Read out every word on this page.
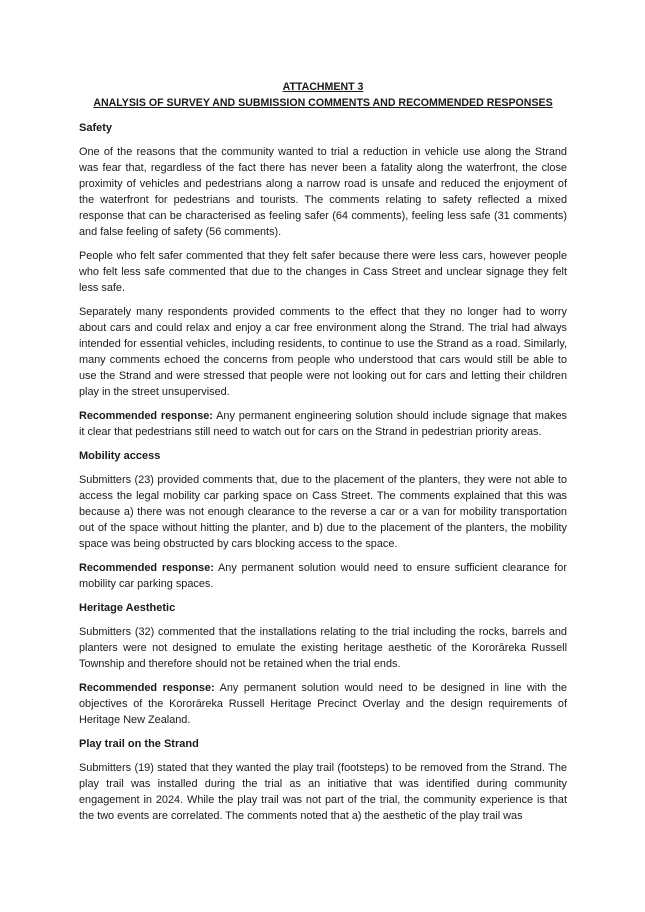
ATTACHMENT 3
ANALYSIS OF SURVEY AND SUBMISSION COMMENTS AND RECOMMENDED RESPONSES
Safety

One of the reasons that the community wanted to trial a reduction in vehicle use along the Strand was fear that, regardless of the fact there has never been a fatality along the waterfront, the close proximity of vehicles and pedestrians along a narrow road is unsafe and reduced the enjoyment of the waterfront for pedestrians and tourists. The comments relating to safety reflected a mixed response that can be characterised as feeling safer (64 comments), feeling less safe (31 comments) and false feeling of safety (56 comments).

People who felt safer commented that they felt safer because there were less cars, however people who felt less safe commented that due to the changes in Cass Street and unclear signage they felt less safe.

Separately many respondents provided comments to the effect that they no longer had to worry about cars and could relax and enjoy a car free environment along the Strand. The trial had always intended for essential vehicles, including residents, to continue to use the Strand as a road. Similarly, many comments echoed the concerns from people who understood that cars would still be able to use the Strand and were stressed that people were not looking out for cars and letting their children play in the street unsupervised.

Recommended response: Any permanent engineering solution should include signage that makes it clear that pedestrians still need to watch out for cars on the Strand in pedestrian priority areas.

Mobility access

Submitters (23) provided comments that, due to the placement of the planters, they were not able to access the legal mobility car parking space on Cass Street. The comments explained that this was because a) there was not enough clearance to the reverse a car or a van for mobility transportation out of the space without hitting the planter, and b) due to the placement of the planters, the mobility space was being obstructed by cars blocking access to the space.

Recommended response: Any permanent solution would need to ensure sufficient clearance for mobility car parking spaces.

Heritage Aesthetic

Submitters (32) commented that the installations relating to the trial including the rocks, barrels and planters were not designed to emulate the existing heritage aesthetic of the Kororāreka Russell Township and therefore should not be retained when the trial ends.

Recommended response: Any permanent solution would need to be designed in line with the objectives of the Kororāreka Russell Heritage Precinct Overlay and the design requirements of Heritage New Zealand.

Play trail on the Strand

Submitters (19) stated that they wanted the play trail (footsteps) to be removed from the Strand. The play trail was installed during the trial as an initiative that was identified during community engagement in 2024. While the play trail was not part of the trial, the community experience is that the two events are correlated. The comments noted that a) the aesthetic of the play trail was
